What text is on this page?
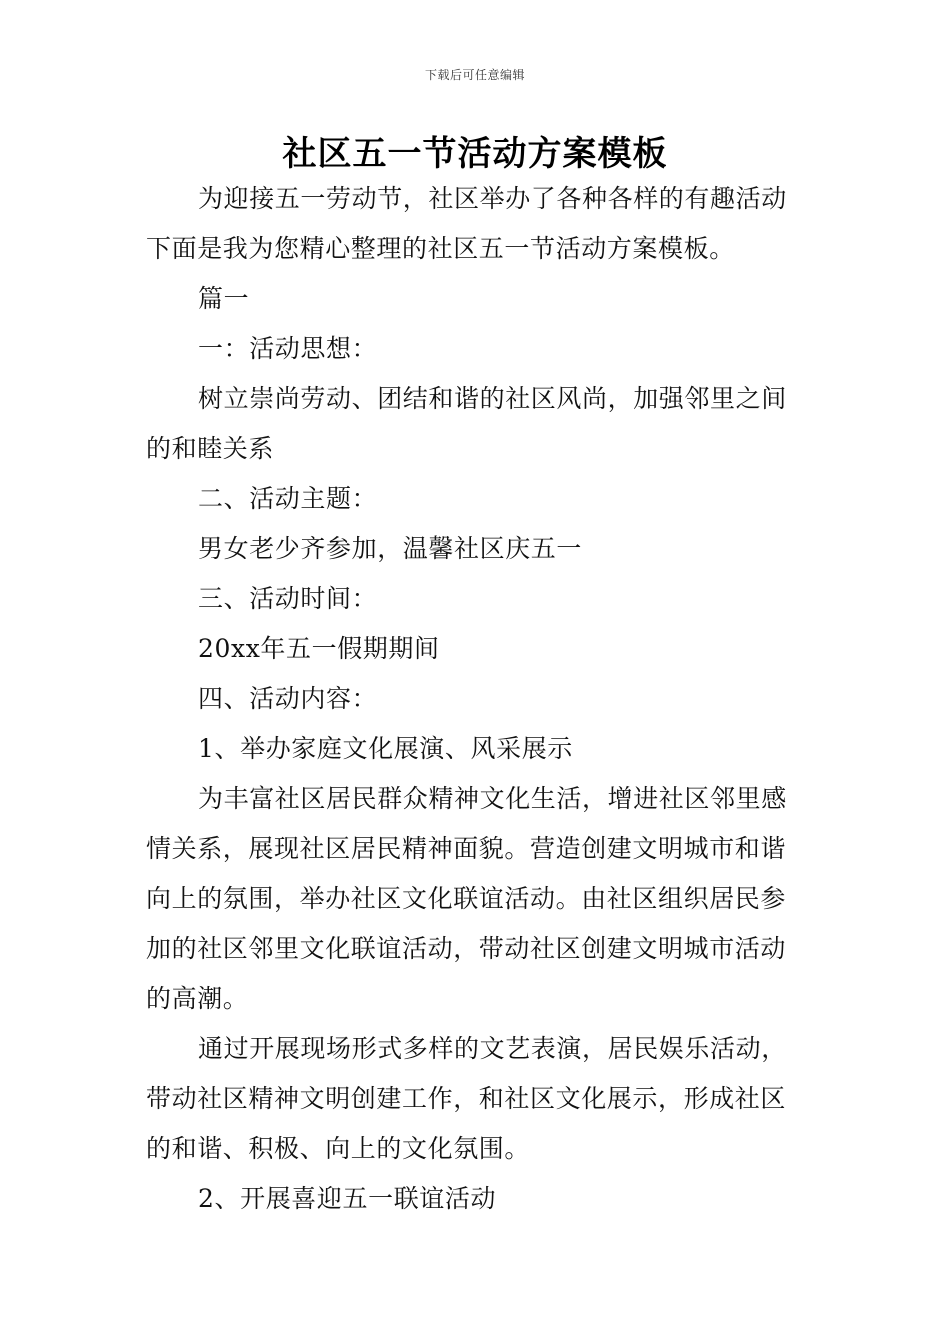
下载后可任意编辑
社区五一节活动方案模板

为迎接五一劳动节，社区举办了各种各样的有趣活动下面是我为您精心整理的社区五一节活动方案模板。

篇一

一：活动思想：

树立崇尚劳动、团结和谐的社区风尚，加强邻里之间的和睦关系

二、活动主题：

男女老少齐参加，温馨社区庆五一

三、活动时间：

20xx年五一假期期间

四、活动内容：

1、举办家庭文化展演、风采展示

为丰富社区居民群众精神文化生活，增进社区邻里感情关系，展现社区居民精神面貌。营造创建文明城市和谐向上的氛围，举办社区文化联谊活动。由社区组织居民参加的社区邻里文化联谊活动，带动社区创建文明城市活动的高潮。

通过开展现场形式多样的文艺表演，居民娱乐活动，带动社区精神文明创建工作，和社区文化展示，形成社区的和谐、积极、向上的文化氛围。

2、开展喜迎五一联谊活动
